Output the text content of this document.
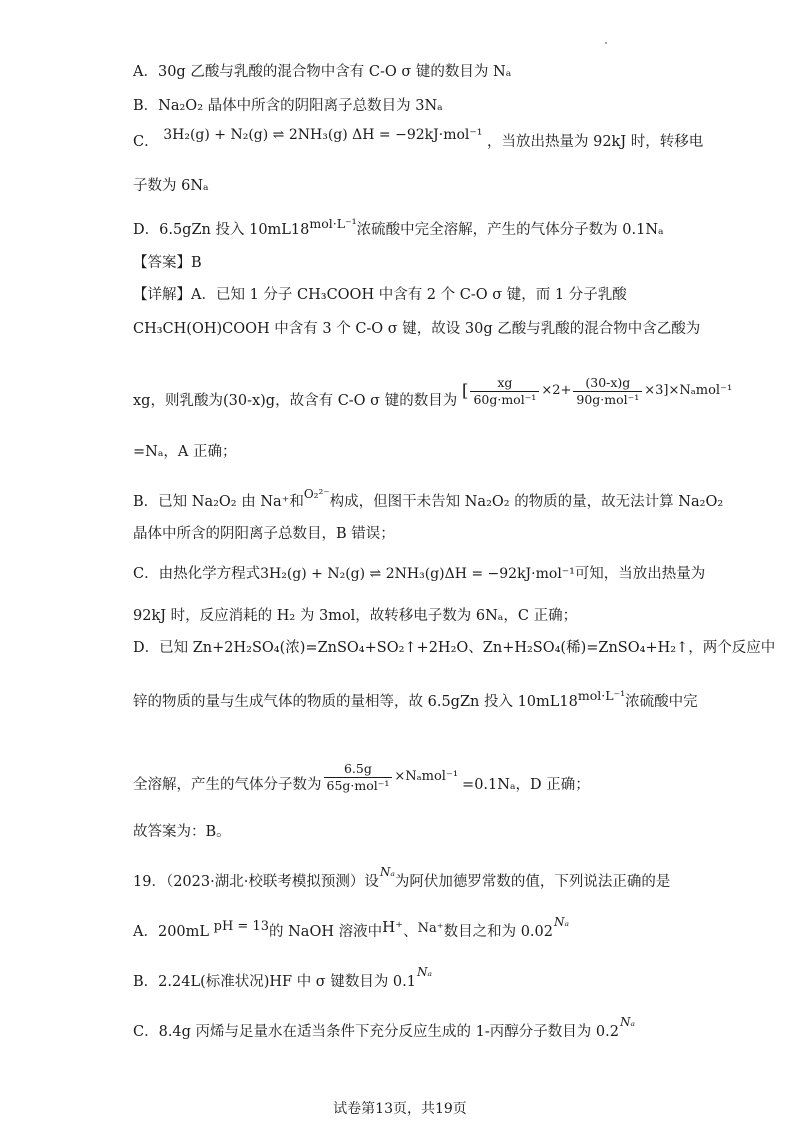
A．30g 乙酸与乳酸的混合物中含有 C-O σ 键的数目为 Nₐ
B．Na₂O₂ 晶体中所含的阴阳离子总数目为 3Nₐ
C． 3H₂(g) + N₂(g) ⇌ 2NH₃(g) ΔH = −92kJ·mol⁻¹ ，当放出热量为 92kJ 时，转移电
子数为 6Nₐ
D．6.5gZn 投入 10mL18mol·L⁻¹浓硫酸中完全溶解，产生的气体分子数为 0.1Nₐ
【答案】B
【详解】A．已知 1 分子 CH₃COOH 中含有 2 个 C-O σ 键，而 1 分子乳酸
CH₃CH(OH)COOH 中含有 3 个 C-O σ 键，故设 30g 乙酸与乳酸的混合物中含乙酸为
xg，则乳酸为(30-x)g，故含有 C-O σ 键的数目为 [ $\frac{xg}{\text{60g·mol⁻¹}} \times 2+ \frac{(30-x)g}{\text{90g·mol⁻¹}} \times 3]\times N_amol^{-1}$
=Nₐ，A 正确；
B．已知 Na₂O₂ 由 Na⁺和$^{O_2^{2-}}$构成，但图干未告知 Na₂O₂ 的物质的量，故无法计算 Na₂O₂
晶体中所含的阴阳离子总数目，B 错误；
C．由热化学方程式3H₂(g) + N₂(g) ⇌ 2NH₃(g)ΔH = −92kJ·mol⁻¹可知，当放出热量为
92kJ 时，反应消耗的 H₂ 为 3mol，故转移电子数为 6Nₐ，C 正确；
D．已知 Zn+2H₂SO₄(浓)=ZnSO₄+SO₂↑+2H₂O、Zn+H₂SO₄(稀)=ZnSO₄+H₂↑，两个反应中
锌的物质的量与生成气体的物质的量相等，故 6.5gZn 投入 10mL18mol·L⁻¹浓硫酸中完
全溶解，产生的气体分子数为 $\frac{6.5g}{\text{65g·mol⁻¹}} \times N_amol^{-1}=0.1N_a$，D 正确；
故答案为：B。
19．（2023·湖北·校联考模拟预测）设$^{N_a}$为阿伏加德罗常数的值，下列说法正确的是
A．200mL pH = 13的 NaOH 溶液中H⁺、Na⁺数目之和为 $0.02^{N_a}$
B．2.24L(标准状况)HF 中 σ 键数目为 $0.1^{N_a}$
C．8.4g 丙烯与足量水在适当条件下充分反应生成的 1-丙醇分子数目为 $0.2^{N_a}$
试卷第13页，共19页
